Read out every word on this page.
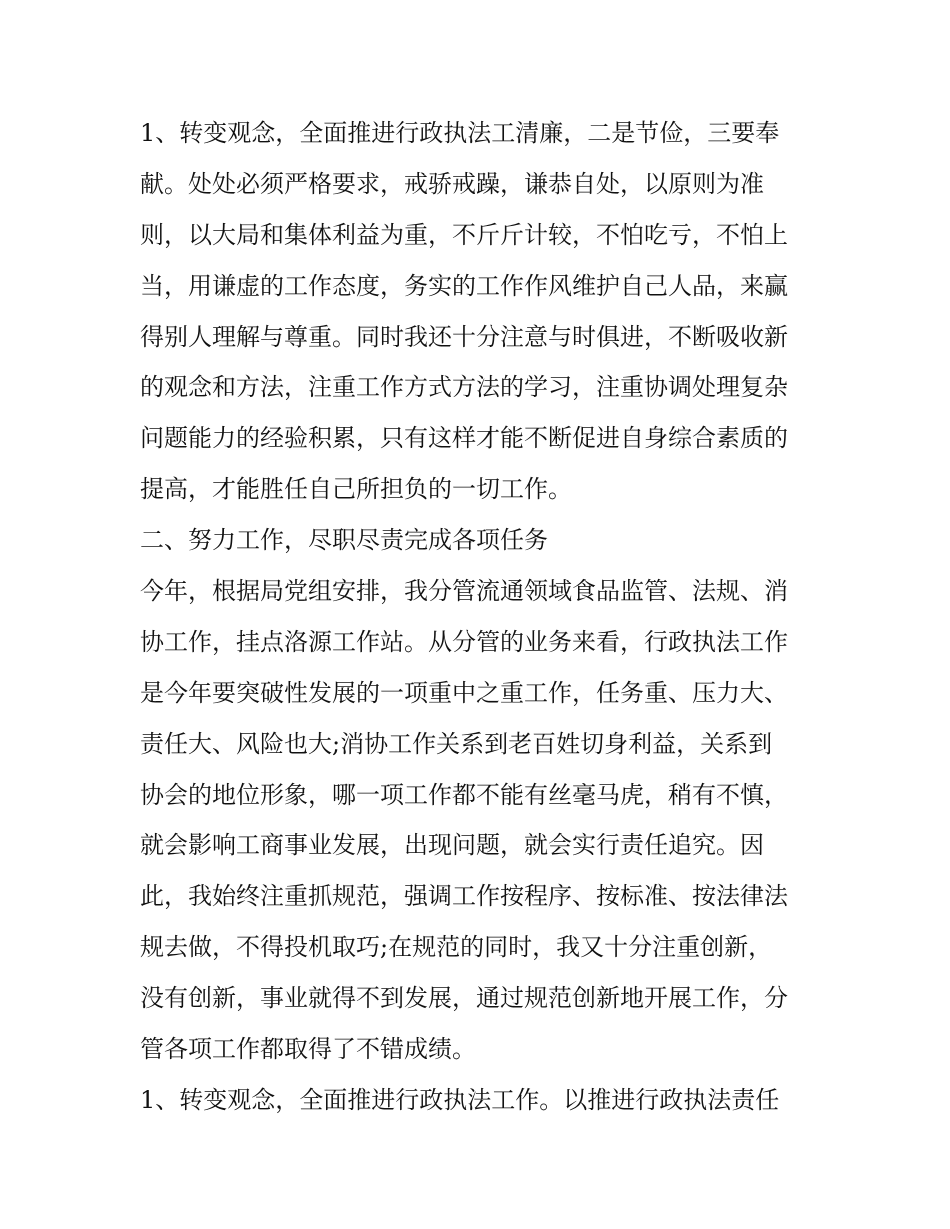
1、转变观念，全面推进行政执法工清廉，二是节俭，三要奉
献。处处必须严格要求，戒骄戒躁，谦恭自处，以原则为准
则，以大局和集体利益为重，不斤斤计较，不怕吃亏，不怕上
当，用谦虚的工作态度，务实的工作作风维护自己人品，来赢
得别人理解与尊重。同时我还十分注意与时俱进，不断吸收新
的观念和方法，注重工作方式方法的学习，注重协调处理复杂
问题能力的经验积累，只有这样才能不断促进自身综合素质的
提高，才能胜任自己所担负的一切工作。
二、努力工作，尽职尽责完成各项任务
今年，根据局党组安排，我分管流通领域食品监管、法规、消
协工作，挂点洛源工作站。从分管的业务来看，行政执法工作
是今年要突破性发展的一项重中之重工作，任务重、压力大、
责任大、风险也大;消协工作关系到老百姓切身利益，关系到
协会的地位形象，哪一项工作都不能有丝毫马虎，稍有不慎，
就会影响工商事业发展，出现问题，就会实行责任追究。因
此，我始终注重抓规范，强调工作按程序、按标准、按法律法
规去做，不得投机取巧;在规范的同时，我又十分注重创新，
没有创新，事业就得不到发展，通过规范创新地开展工作，分
管各项工作都取得了不错成绩。
1、转变观念，全面推进行政执法工作。以推进行政执法责任
